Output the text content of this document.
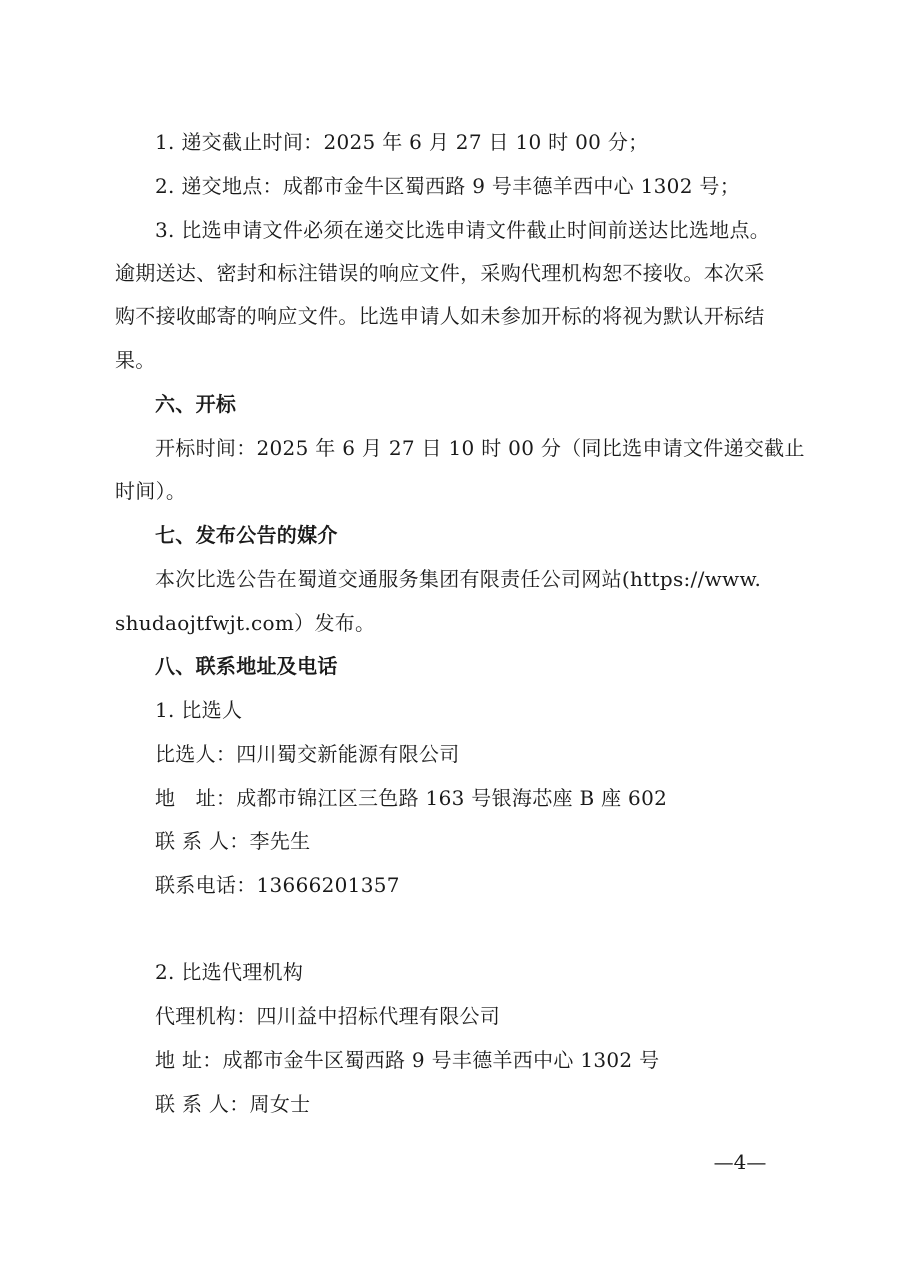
1. 递交截止时间：2025 年 6 月 27 日 10 时 00 分；
2. 递交地点：成都市金牛区蜀西路 9 号丰德羊西中心 1302 号；
3. 比选申请文件必须在递交比选申请文件截止时间前送达比选地点。
逾期送达、密封和标注错误的响应文件，采购代理机构恕不接收。本次采
购不接收邮寄的响应文件。比选申请人如未参加开标的将视为默认开标结
果。
六、开标
开标时间：2025 年 6 月 27 日 10 时 00 分（同比选申请文件递交截止
时间）。
七、发布公告的媒介
本次比选公告在蜀道交通服务集团有限责任公司网站(https://www.
shudaojtfwjt.com）发布。
八、联系地址及电话
1. 比选人
比选人：四川蜀交新能源有限公司
地　址：成都市锦江区三色路 163 号银海芯座 B 座 602
联 系 人：李先生
联系电话：13666201357
2. 比选代理机构
代理机构：四川益中招标代理有限公司
地 址：成都市金牛区蜀西路 9 号丰德羊西中心 1302 号
联 系 人：周女士
—4—
